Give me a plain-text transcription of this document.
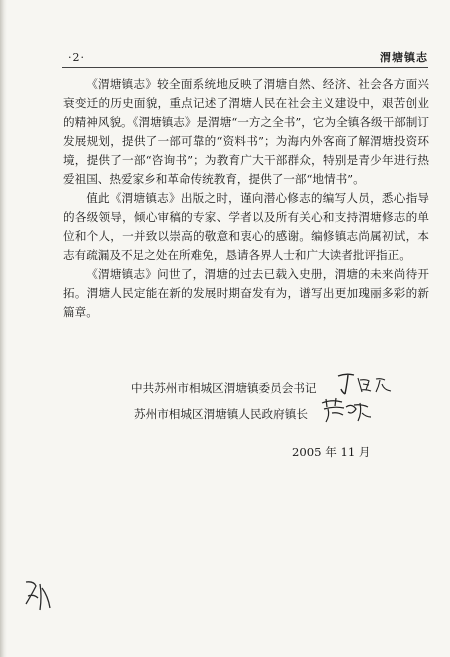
·2·	渭塘镇志

《渭塘镇志》较全面系统地反映了渭塘自然、经济、社会各方面兴衰变迁的历史面貌，重点记述了渭塘人民在社会主义建设中，艰苦创业的精神风貌。《渭塘镇志》是渭塘“一方之全书”，它为全镇各级干部制订发展规划，提供了一部可靠的“资料书”；为海内外客商了解渭塘投资环境，提供了一部“咨询书”；为教育广大干部群众，特别是青少年进行热爱祖国、热爱家乡和革命传统教育，提供了一部“地情书”。

值此《渭塘镇志》出版之时，谨向潜心修志的编写人员，悉心指导的各级领导，倾心审稿的专家、学者以及所有关心和支持渭塘修志的单位和个人，一并致以崇高的敬意和衷心的感谢。编修镇志尚属初试，本志有疏漏及不足之处在所难免，恳请各界人士和广大读者批评指正。

《渭塘镇志》问世了，渭塘的过去已载入史册，渭塘的未来尚待开拓。渭塘人民定能在新的发展时期奋发有为，谱写出更加瑰丽多彩的新篇章。

中共苏州市相城区渭塘镇委员会书记
苏州市相城区渭塘镇人民政府镇长
2005 年 11 月
